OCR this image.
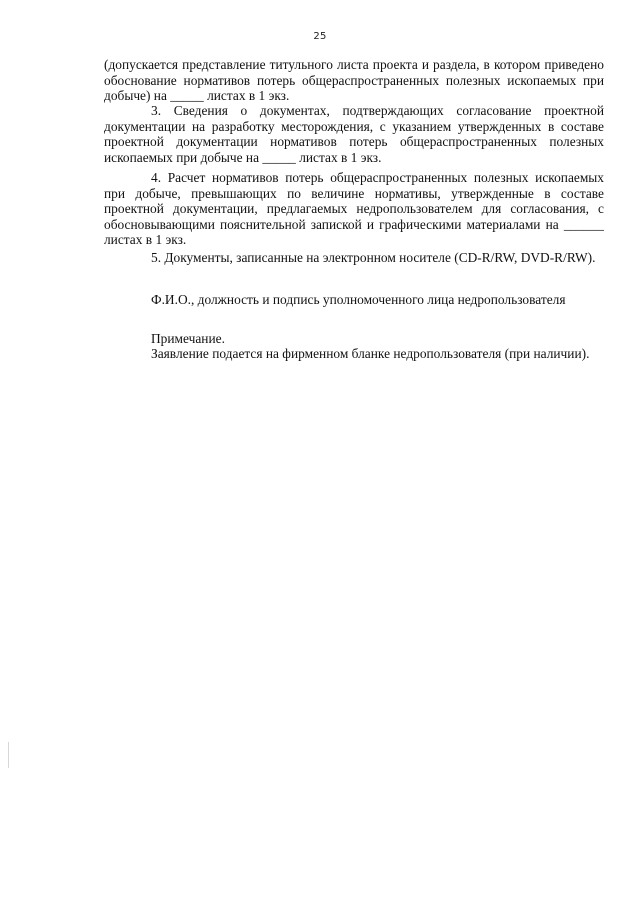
25

(допускается представление титульного листа проекта и раздела, в котором приведено обоснование нормативов потерь общераспространенных полезных ископаемых при добыче) на _____ листах в 1 экз.

3. Сведения о документах, подтверждающих согласование проектной документации на разработку месторождения, с указанием утвержденных в составе проектной документации нормативов потерь общераспространенных полезных ископаемых при добыче на _____ листах в 1 экз.

4. Расчет нормативов потерь общераспространенных полезных ископаемых при добыче, превышающих по величине нормативы, утвержденные в составе проектной документации, предлагаемых недропользователем для согласования, с обосновывающими пояснительной запиской и графическими материалами на ______ листах в 1 экз.

5. Документы, записанные на электронном носителе (CD-R/RW, DVD-R/RW).

Ф.И.О., должность и подпись уполномоченного лица недропользователя

Примечание.

Заявление подается на фирменном бланке недропользователя (при наличии).
